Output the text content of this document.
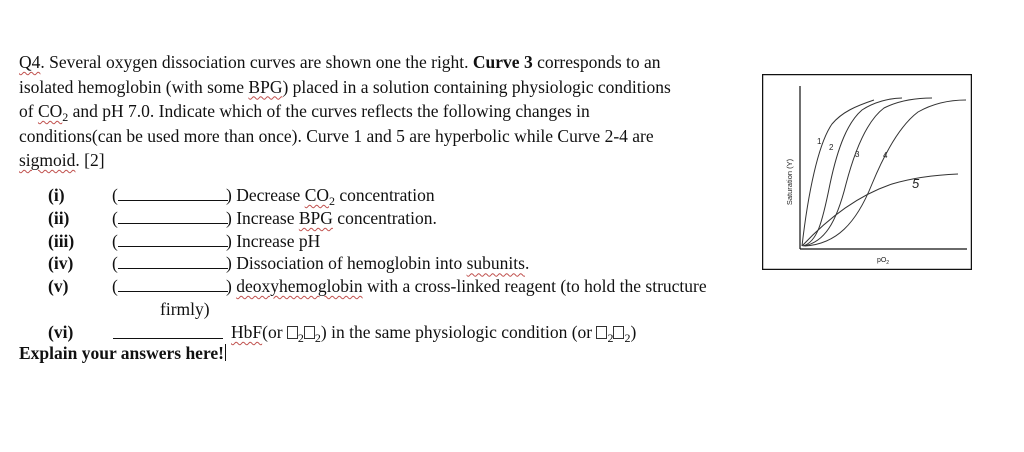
Q4. Several oxygen dissociation curves are shown one the right. Curve 3 corresponds to an

isolated hemoglobin (with some BPG) placed in a solution containing physiologic conditions

of $CO_2$ and pH 7.0. Indicate which of the curves reflects the following changes in

conditions(can be used more than once). Curve 1 and 5 are hyperbolic while Curve 2-4 are

sigmoid. [2]

(i)	(	) Decrease $CO_2$ concentration
(ii) (	) Increase BPG concentration.
(iii) (	) Increase pH
(iv) (	) Dissociation of hemoglobin into subunits.
(v) (	) deoxyhemoglobin with a cross-linked reagent (to hold the structure
firmly)
(vi)	HbF(or $_2$ $_2$) in the same physiologic condition (or $_2$ $_2$)
Explain your answers here!
Saturation (Y)
$pO_2$
1
2
3	4
5
